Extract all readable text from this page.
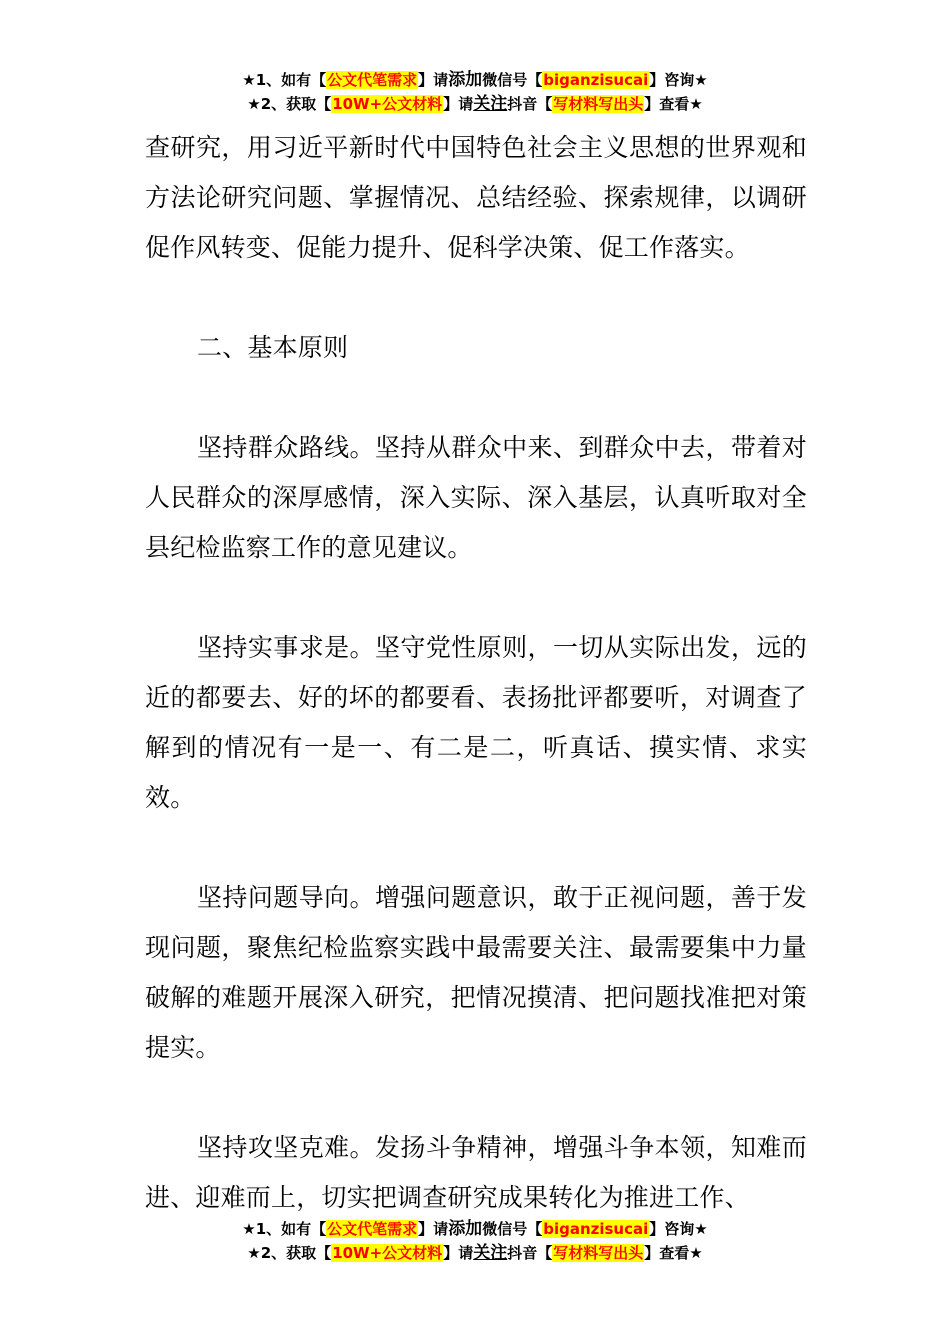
★1、如有【公文代笔需求】请添加微信号【biganzisucai】咨询★
★2、获取【10W+公文材料】请关注抖音【写材料写出头】查看★

查研究，用习近平新时代中国特色社会主义思想的世界观和方法论研究问题、掌握情况、总结经验、探索规律，以调研促作风转变、促能力提升、促科学决策、促工作落实。

二、基本原则

坚持群众路线。坚持从群众中来、到群众中去，带着对人民群众的深厚感情，深入实际、深入基层，认真听取对全县纪检监察工作的意见建议。

坚持实事求是。坚守党性原则，一切从实际出发，远的近的都要去、好的坏的都要看、表扬批评都要听，对调查了解到的情况有一是一、有二是二，听真话、摸实情、求实效。

坚持问题导向。增强问题意识，敢于正视问题，善于发现问题，聚焦纪检监察实践中最需要关注、最需要集中力量破解的难题开展深入研究，把情况摸清、把问题找准把对策提实。

坚持攻坚克难。发扬斗争精神，增强斗争本领，知难而进、迎难而上，切实把调查研究成果转化为推进工作、

★1、如有【公文代笔需求】请添加微信号【biganzisucai】咨询★
★2、获取【10W+公文材料】请关注抖音【写材料写出头】查看★
